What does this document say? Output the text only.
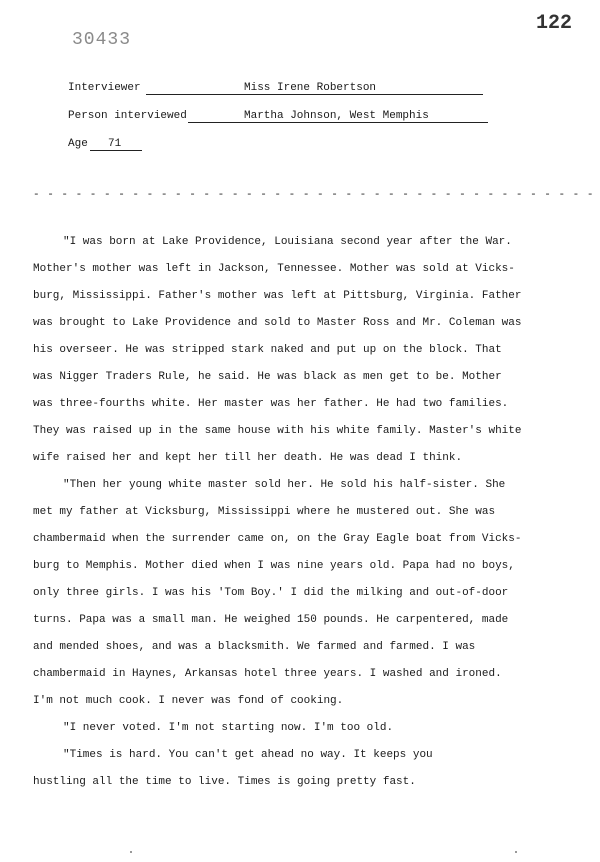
30433
122
Interviewer	Miss Irene Robertson
Person interviewed	Martha Johnson, West Memphis
Age 71
- - - - - - - - - - - - - - - - - - - - - - - - - - - - - - - - - - - - - - - -
"I was born at Lake Providence, Louisiana second year after the War.
Mother's mother was left in Jackson, Tennessee. Mother was sold at Vicks-
burg, Mississippi. Father's mother was left at Pittsburg, Virginia. Father
was brought to Lake Providence and sold to Master Ross and Mr. Coleman was
his overseer. He was stripped stark naked and put up on the block. That
was Nigger Traders Rule, he said. He was black as men get to be. Mother
was three-fourths white. Her master was her father. He had two families.
They was raised up in the same house with his white family. Master's white
wife raised her and kept her till her death. He was dead I think.
"Then her young white master sold her. He sold his half-sister. She
met my father at Vicksburg, Mississippi where he mustered out. She was
chambermaid when the surrender came on, on the Gray Eagle boat from Vicks-
burg to Memphis. Mother died when I was nine years old. Papa had no boys,
only three girls. I was his 'Tom Boy.' I did the milking and out-of-door
turns. Papa was a small man. He weighed 150 pounds. He carpentered, made
and mended shoes, and was a blacksmith. We farmed and farmed. I was
chambermaid in Haynes, Arkansas hotel three years. I washed and ironed.
I'm not much cook. I never was fond of cooking.
"I never voted. I'm not starting now. I'm too old.
"Times is hard. You can't get ahead no way. It keeps you
hustling all the time to live. Times is going pretty fast.
